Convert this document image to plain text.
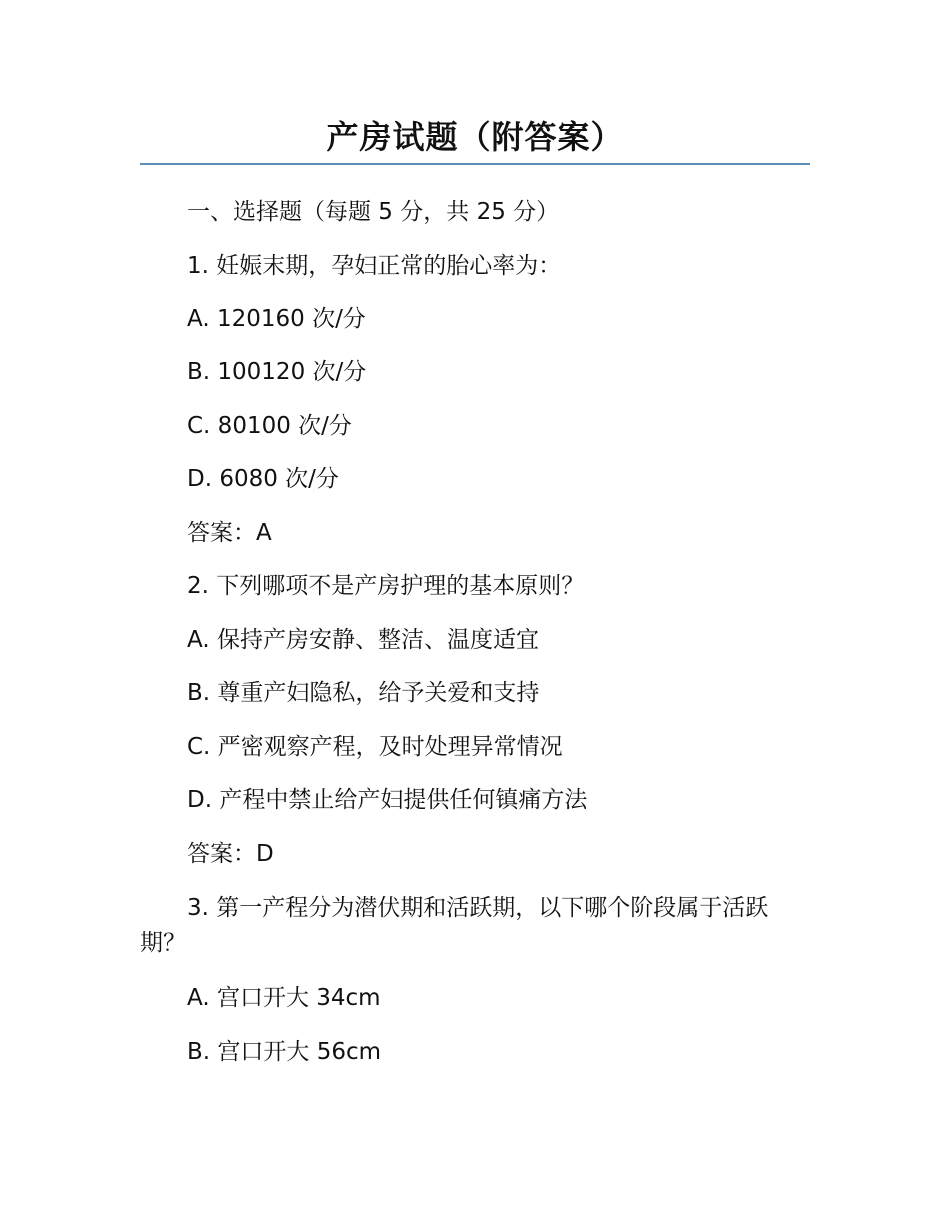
产房试题（附答案）

一、选择题（每题 5 分，共 25 分）

1. 妊娠末期，孕妇正常的胎心率为：

A. 120160 次/分

B. 100120 次/分

C. 80100 次/分

D. 6080 次/分

答案：A

2. 下列哪项不是产房护理的基本原则？

A. 保持产房安静、整洁、温度适宜

B. 尊重产妇隐私，给予关爱和支持

C. 严密观察产程，及时处理异常情况

D. 产程中禁止给产妇提供任何镇痛方法

答案：D

3. 第一产程分为潜伏期和活跃期，以下哪个阶段属于活跃期？

A. 宫口开大 34cm

B. 宫口开大 56cm
